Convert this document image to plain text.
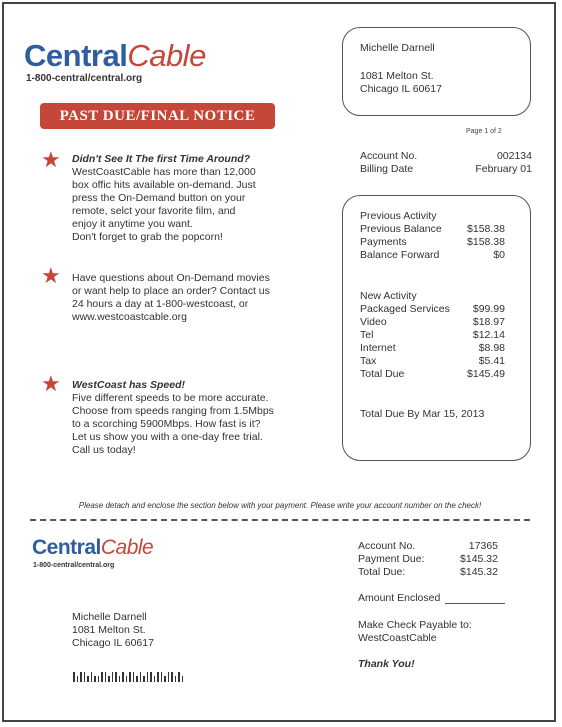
CentralCable
1-800-central/central.org
PAST DUE/FINAL NOTICE
Michelle Darnell
1081 Melton St.
Chicago IL 60617
Page 1 of 2
Account No.	002134
Billing Date	February 01
Previous Activity
Previous Balance $158.38
Payments	$158.38
Balance Forward	$0
New Activity
Packaged Services $99.99
Video	$18.97
Tel	$12.14
Internet	$8.98
Tax	$5.41
Total Due	$145.49
Total Due By Mar 15, 2013
★ Didn't See It The first Time Around?
WestCoastCable has more than 12,000
box offic hits available on-demand. Just
press the On-Demand button on your
remote, selct your favorite film, and
enjoy it anytime you want.
Don't forget to grab the popcorn!
★ Have questions about On-Demand movies
or want help to place an order? Contact us
24 hours a day at 1-800-westcoast, or
www.westcoastcable.org
★ WestCoast has Speed!
Five different speeds to be more accurate.
Choose from speeds ranging from 1.5Mbps
to a scorching 5900Mbps. How fast is it?
Let us show you with a one-day free trial.
Call us today!
Please detach and enclose the section below with your payment. Please write your account number on the check!
CentralCable
1-800-central/central.org
Account No.	17365
Payment Due:	$145.32
Total Due:	$145.32
Amount Enclosed
Make Check Payable to:
WestCoastCable
Thank You!
Michelle Darnell
1081 Melton St.
Chicago IL 60617
